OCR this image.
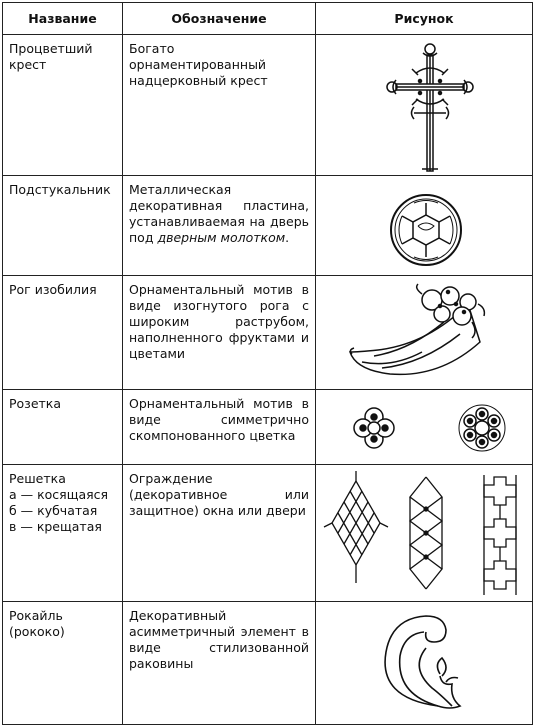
Название	Обозначение	Рисунок
Процветший крест	Богато орнаментированный надцерковный крест	

Подстукальник	Металлическая декоративная пластина, устанавливаемая на дверь под дверным молотком.	

Рог изобилия	Орнаментальный мотив в виде изогнутого рога с широким раструбом, наполненного фруктами и цветами	

Розетка	Орнаментальный мотив в виде симметрично скомпонованного цветка	

Решетка
а — косящаяся
б — кубчатая
в — крещатая	Ограждение (декоративное или защитное) окна или двери	

Рокайль (рококо)	Декоративный асимметричный элемент в виде стилизованной раковины	
